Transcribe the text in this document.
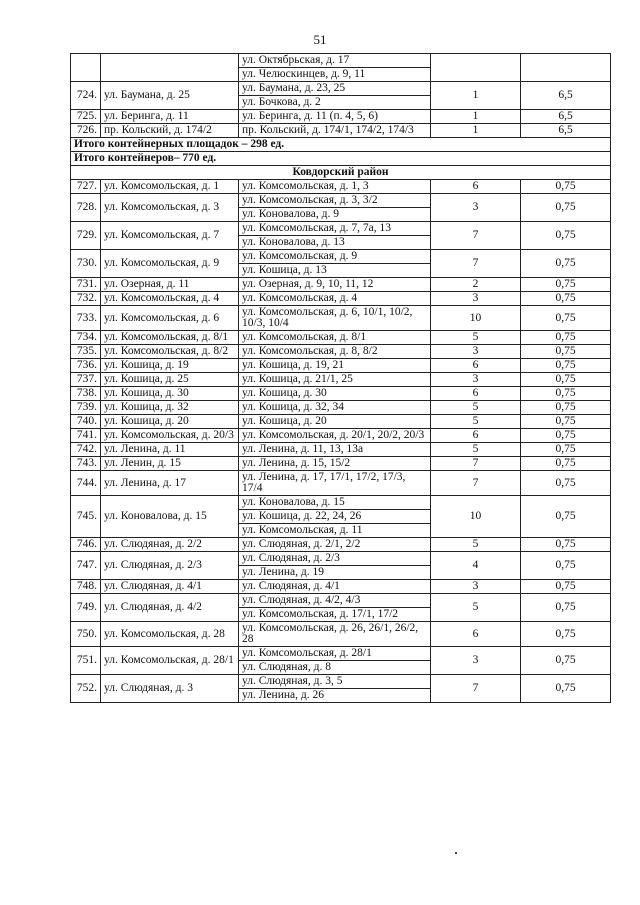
51
		ул. Октябрьская, д. 17		
		ул. Челюскинцев, д. 9, 11		
724.	ул. Баумана, д. 25	ул. Баумана, д. 23, 25	1	6,5
		ул. Бочкова, д. 2		
725.	ул. Беринга, д. 11	ул. Беринга, д. 11 (п. 4, 5, 6)	1	6,5
726.	пр. Кольский, д. 174/2	пр. Кольский, д. 174/1, 174/2, 174/3	1	6,5
Итого контейнерных площадок – 298 ед.				
Итого контейнеров– 770 ед.				
Ковдорский район				
727.	ул. Комсомольская, д. 1	ул. Комсомольская, д. 1, 3	6	0,75
728.	ул. Комсомольская, д. 3	ул. Комсомольская, д. 3, 3/2	3	0,75
		ул. Коновалова, д. 9		
729.	ул. Комсомольская, д. 7	ул. Комсомольская, д. 7, 7а, 13	7	0,75
		ул. Коновалова, д. 13		
730.	ул. Комсомольская, д. 9	ул. Комсомольская, д. 9	7	0,75
		ул. Кошица, д. 13		
731.	ул. Озерная, д. 11	ул. Озерная, д. 9, 10, 11, 12	2	0,75
732.	ул. Комсомольская, д. 4	ул. Комсомольская, д. 4	3	0,75
733.	ул. Комсомольская, д. 6	ул. Комсомольская, д. 6, 10/1, 10/2, 10/3, 10/4	10	0,75
734.	ул. Комсомольская, д. 8/1	ул. Комсомольская, д. 8/1	5	0,75
735.	ул. Комсомольская, д. 8/2	ул. Комсомольская, д. 8, 8/2	3	0,75
736.	ул. Кошица, д. 19	ул. Кошица, д. 19, 21	6	0,75
737.	ул. Кошица, д. 25	ул. Кошица, д. 21/1, 25	3	0,75
738.	ул. Кошица, д. 30	ул. Кошица, д. 30	6	0,75
739.	ул. Кошица, д. 32	ул. Кошица, д. 32, 34	5	0,75
740.	ул. Кошица, д. 20	ул. Кошица, д. 20	5	0,75
741.	ул. Комсомольская, д. 20/3	ул. Комсомольская, д. 20/1, 20/2, 20/3	6	0,75
742.	ул. Ленина, д. 11	ул. Ленина, д. 11, 13, 13а	5	0,75
743.	ул. Ленин, д. 15	ул. Ленина, д. 15, 15/2	7	0,75
744.	ул. Ленина, д. 17	ул. Ленина, д. 17, 17/1, 17/2, 17/3, 17/4	7	0,75
745.	ул. Коновалова, д. 15	ул. Коновалова, д. 15	10	0,75
		ул. Кошица, д. 22, 24, 26		
		ул. Комсомольская, д. 11		
746.	ул. Слюдяная, д. 2/2	ул. Слюдяная, д. 2/1, 2/2	5	0,75
747.	ул. Слюдяная, д. 2/3	ул. Слюдяная, д. 2/3	4	0,75
		ул. Ленина, д. 19		
748.	ул. Слюдяная, д. 4/1	ул. Слюдяная, д. 4/1	3	0,75
749.	ул. Слюдяная, д. 4/2	ул. Слюдяная, д. 4/2, 4/3	5	0,75
		ул. Комсомольская, д. 17/1, 17/2		
750.	ул. Комсомольская, д. 28	ул. Комсомольская, д. 26, 26/1, 26/2, 28	6	0,75
751.	ул. Комсомольская, д. 28/1	ул. Комсомольская, д. 28/1	3	0,75
		ул. Слюдяная, д. 8		
752.	ул. Слюдяная, д. 3	ул. Слюдяная, д. 3, 5	7	0,75
		ул. Ленина, д. 26		
